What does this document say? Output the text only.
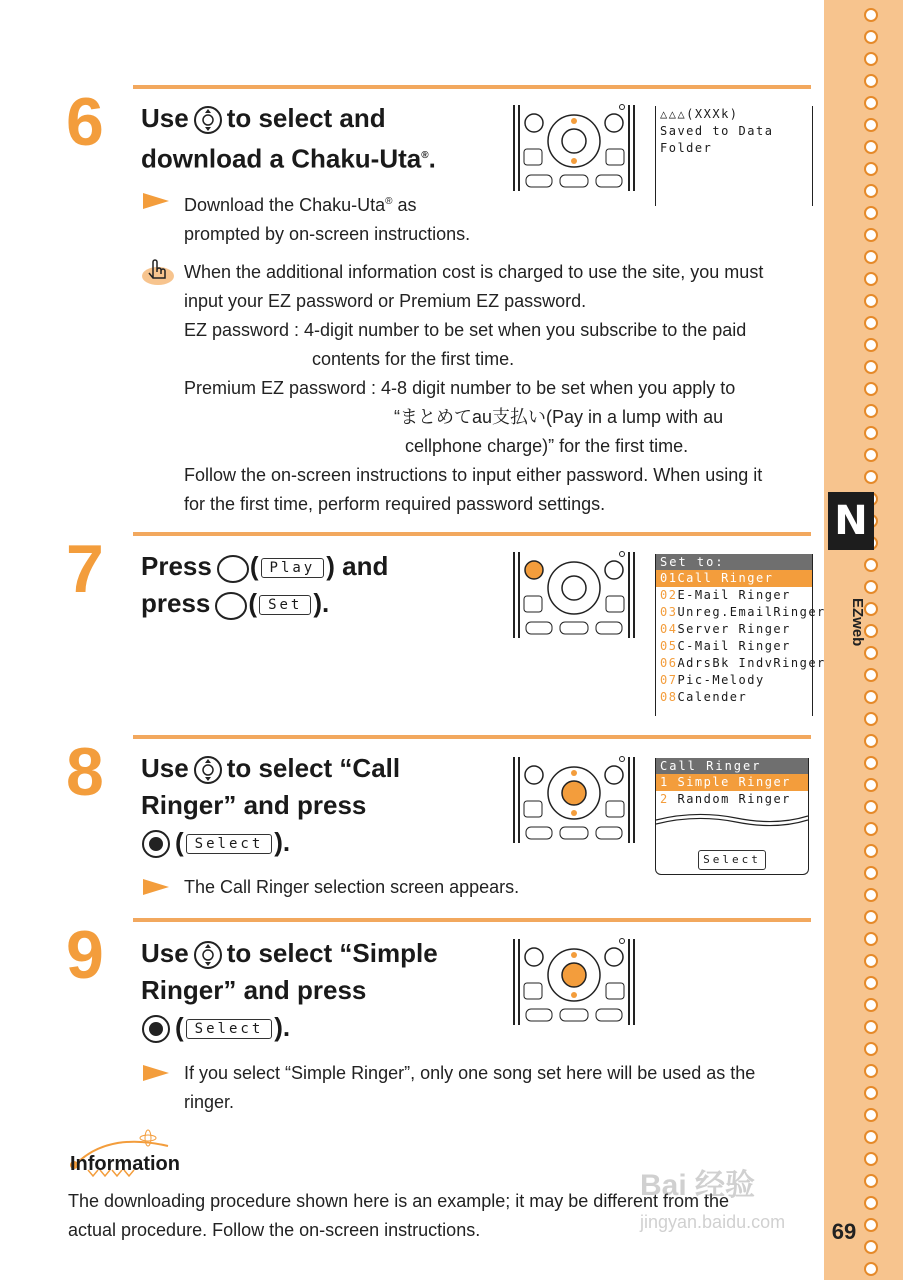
N
EZweb
69
6 Use to select and
download a Chaku-Uta®.
Download the Chaku-Uta® as
prompted by on-screen instructions.
When the additional information cost is charged to use the site, you must
input your EZ password or Premium EZ password.
EZ password : 4-digit number to be set when you subscribe to the paid
contents for the first time.
Premium EZ password : 4-8 digit number to be set when you apply to
“まとめてau支払い(Pay in a lump with au
cellphone charge)” for the first time.
Follow the on-screen instructions to input either password. When using it
for the first time, perform required password settings.
△△△(XXXk)
Saved to Data
Folder
7 Press ( Play ) and
press ( Set ).
Set to:
01Call Ringer
02E-Mail Ringer
03Unreg.EmailRinger
04Server Ringer
05C-Mail Ringer
06AdrsBk IndvRinger
07Pic-Melody
08Calender
8 Use to select “Call
Ringer” and press

( Select ).
The Call Ringer selection screen appears.
Call Ringer
1 Simple Ringer
2 Random Ringer
Select
9 Use to select “Simple
Ringer” and press

( Select ).
If you select “Simple Ringer”, only one song set here will be used as the
ringer.
Information
The downloading procedure shown here is an example; it may be different from the
actual procedure. Follow the on-screen instructions.
Bai 经验
jingyan.baidu.com
